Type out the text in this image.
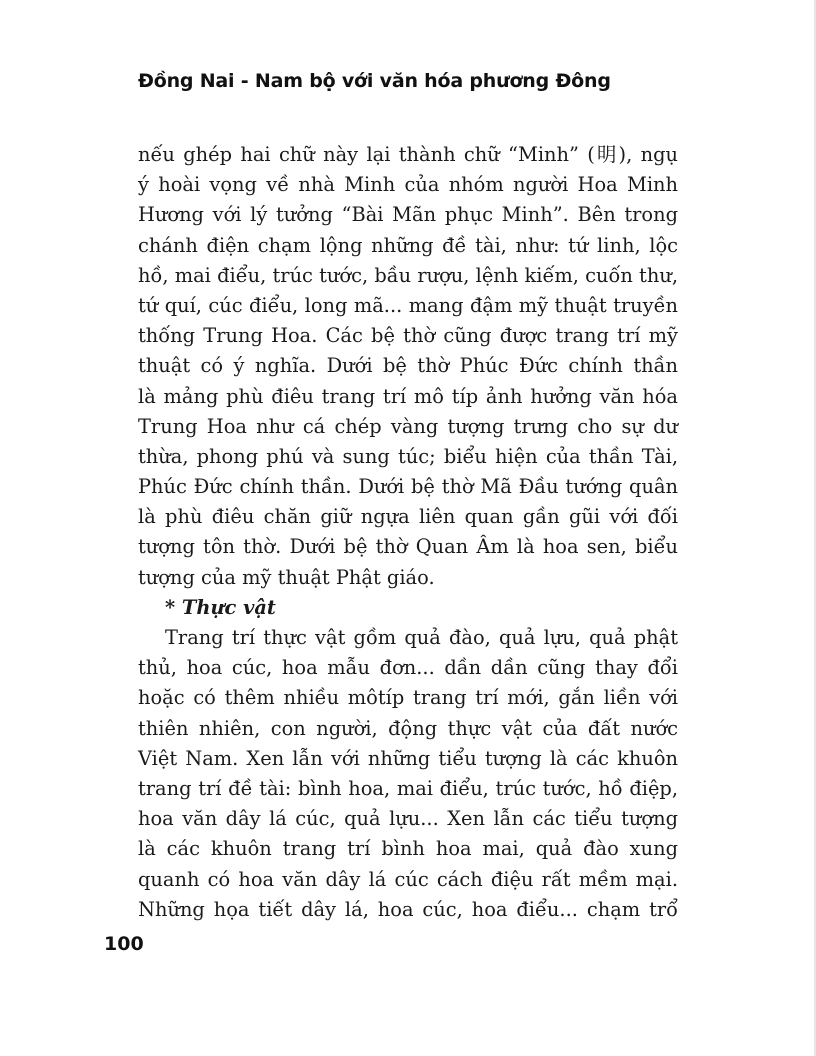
Đồng Nai - Nam bộ với văn hóa phương Đông
nếu ghép hai chữ này lại thành chữ “Minh” (明), ngụ
ý hoài vọng về nhà Minh của nhóm người Hoa Minh
Hương với lý tưởng “Bài Mãn phục Minh”. Bên trong
chánh điện chạm lộng những đề tài, như: tứ linh, lộc
hồ, mai điểu, trúc tước, bầu rượu, lệnh kiếm, cuốn thư,
tứ quí, cúc điểu, long mã... mang đậm mỹ thuật truyền
thống Trung Hoa. Các bệ thờ cũng được trang trí mỹ
thuật có ý nghĩa. Dưới bệ thờ Phúc Đức chính thần
là mảng phù điêu trang trí mô típ ảnh hưởng văn hóa
Trung Hoa như cá chép vàng tượng trưng cho sự dư
thừa, phong phú và sung túc; biểu hiện của thần Tài,
Phúc Đức chính thần. Dưới bệ thờ Mã Đầu tướng quân
là phù điêu chăn giữ ngựa liên quan gần gũi với đối
tượng tôn thờ. Dưới bệ thờ Quan Âm là hoa sen, biểu
tượng của mỹ thuật Phật giáo.
* Thực vật
Trang trí thực vật gồm quả đào, quả lựu, quả phật
thủ, hoa cúc, hoa mẫu đơn... dần dần cũng thay đổi
hoặc có thêm nhiều môtíp trang trí mới, gắn liền với
thiên nhiên, con người, động thực vật của đất nước
Việt Nam. Xen lẫn với những tiểu tượng là các khuôn
trang trí đề tài: bình hoa, mai điểu, trúc tước, hồ điệp,
hoa văn dây lá cúc, quả lựu... Xen lẫn các tiểu tượng
là các khuôn trang trí bình hoa mai, quả đào xung
quanh có hoa văn dây lá cúc cách điệu rất mềm mại.
Những họa tiết dây lá, hoa cúc, hoa điểu... chạm trổ
100
